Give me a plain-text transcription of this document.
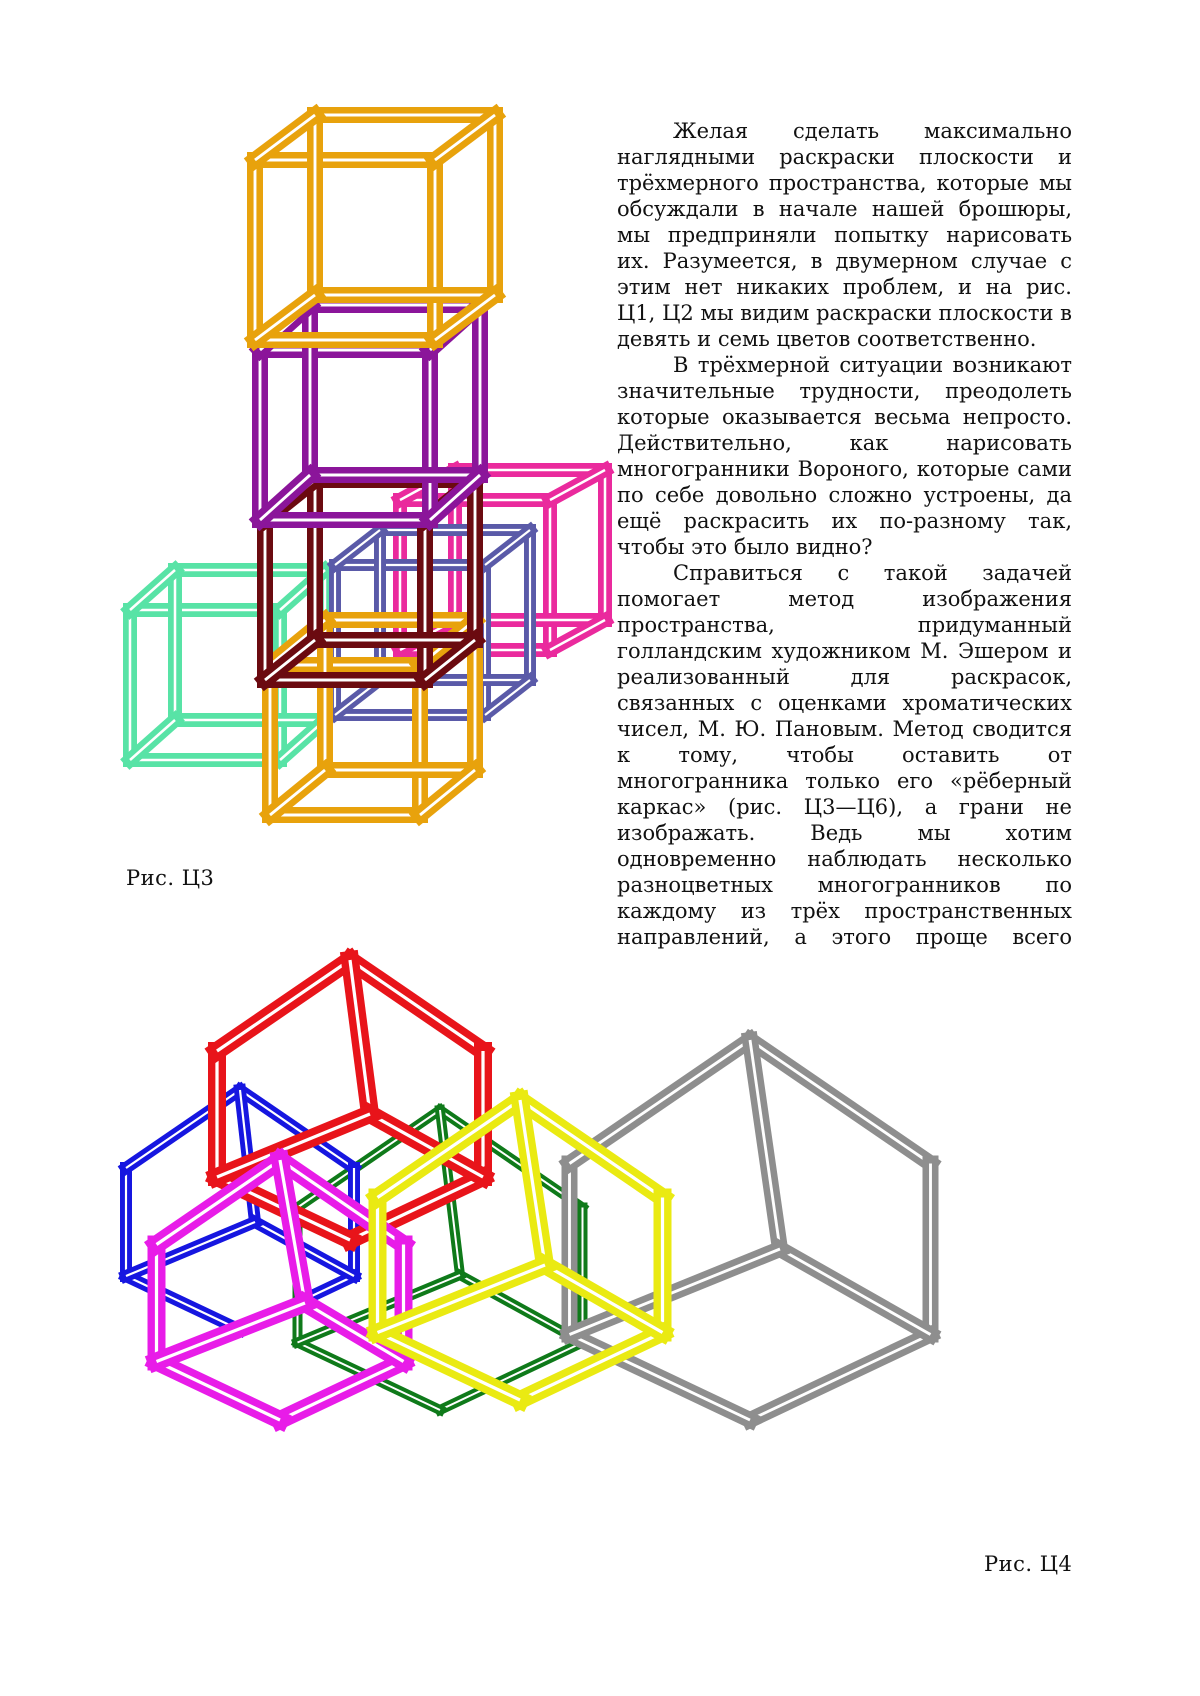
Рис. Ц3

Желая сделать максимально наглядными раскраски плоскости и трёхмерного пространства, которые мы обсуждали в начале нашей брошюры, мы предприняли попытку нарисовать их. Разумеется, в двумерном случае с этим нет никаких проблем, и на рис. Ц1, Ц2 мы видим раскраски плоскости в девять и семь цветов соответственно.

В трёхмерной ситуации возникают значительные трудности, преодолеть которые оказывается весьма непросто. Действительно, как нарисовать многогранники Вороного, которые сами по себе довольно сложно устроены, да ещё раскрасить их по-разному так, чтобы это было видно?

Справиться с такой задачей помогает метод изображения пространства, придуманный голландским художником М. Эшером и реализованный для раскрасок, связанных с оценками хроматических чисел, М. Ю. Пановым. Метод сводится к тому, чтобы оставить от многогранника только его «рёберный каркас» (рис. Ц3—Ц6), а грани не изображать. Ведь мы хотим одновременно наблюдать несколько разноцветных многогранников по каждому из трёх пространственных направлений, а этого проще всего

Рис. Ц4
